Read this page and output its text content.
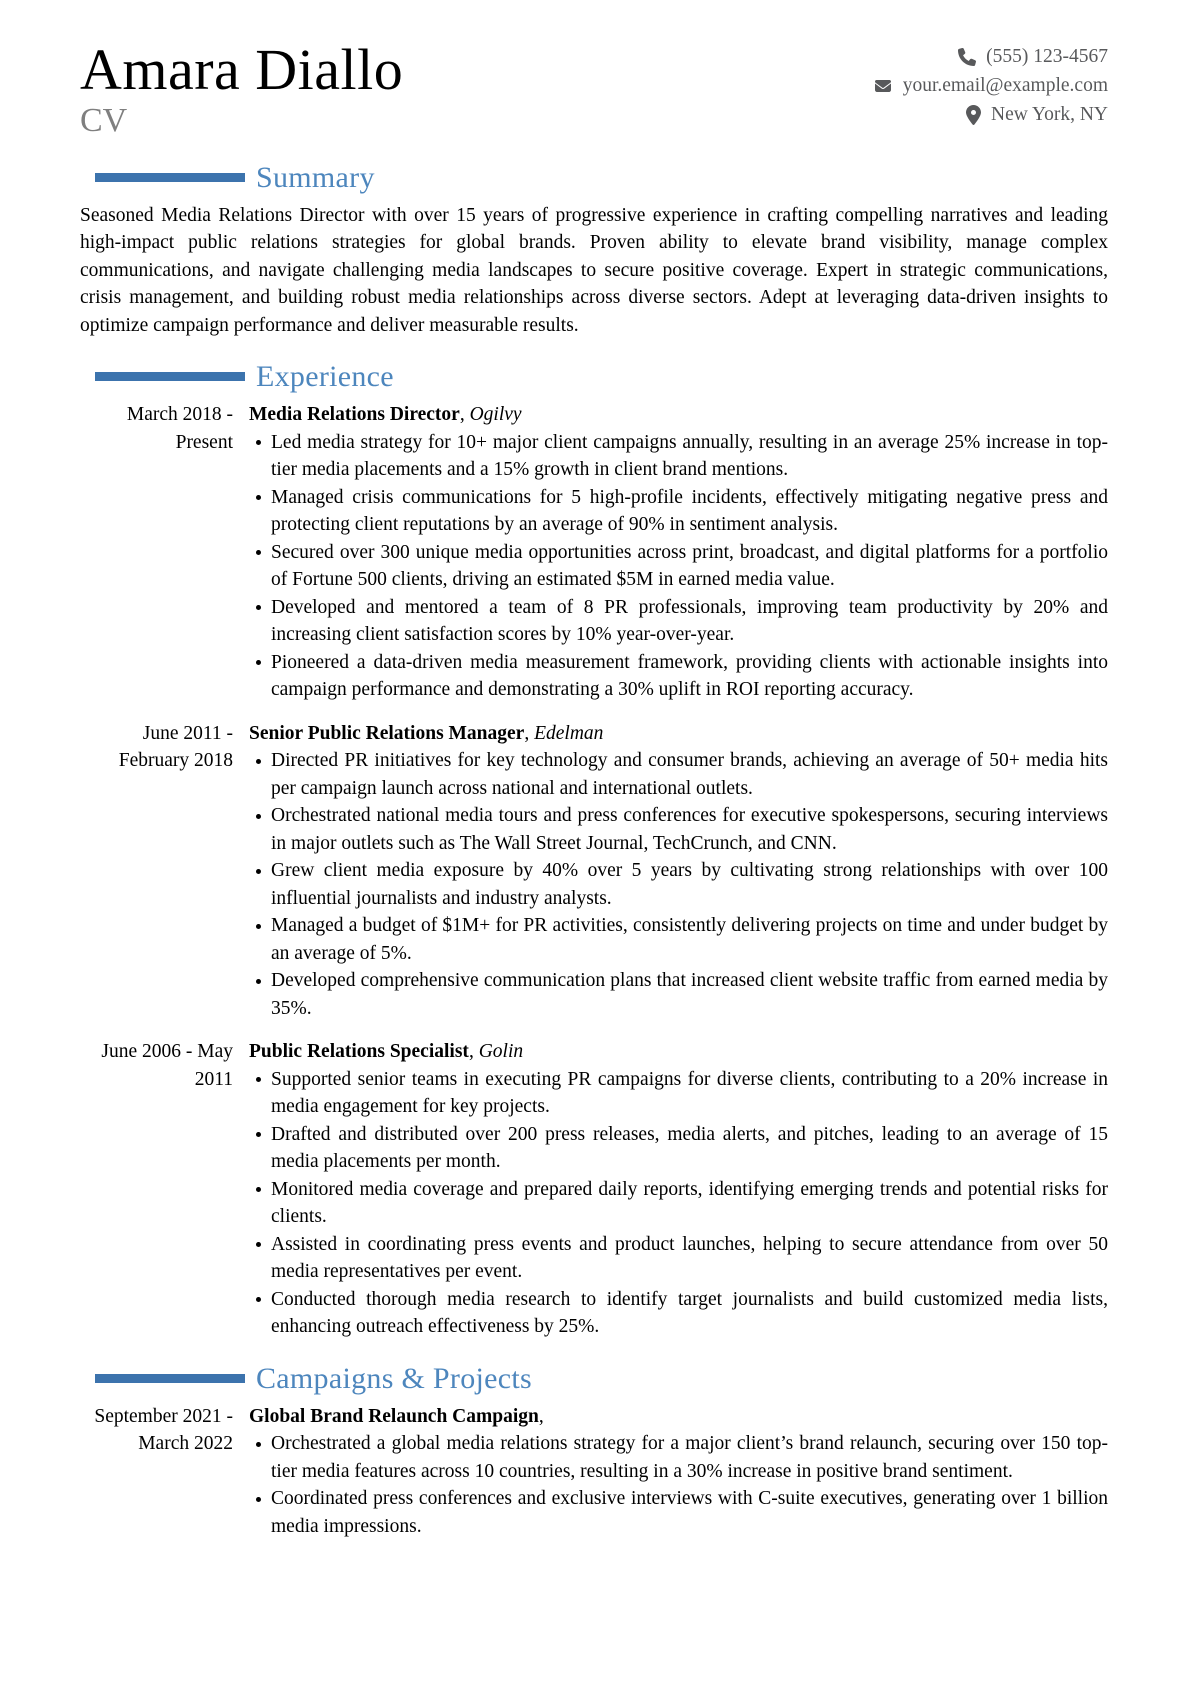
Amara Diallo
CV
(555) 123-4567
your.email@example.com
New York, NY
Summary

Seasoned Media Relations Director with over 15 years of progressive experience in crafting compelling narratives and leading high-impact public relations strategies for global brands. Proven ability to elevate brand visibility, manage complex communications, and navigate challenging media landscapes to secure positive coverage. Expert in strategic communications, crisis management, and building robust media relationships across diverse sectors. Adept at leveraging data-driven insights to optimize campaign performance and deliver measurable results.

Experience
March 2018 - Present
Media Relations Director, Ogilvy
Led media strategy for 10+ major client campaigns annually, resulting in an average 25% increase in top-tier media placements and a 15% growth in client brand mentions.
Managed crisis communications for 5 high-profile incidents, effectively mitigating negative press and protecting client reputations by an average of 90% in sentiment analysis.
Secured over 300 unique media opportunities across print, broadcast, and digital platforms for a portfolio of Fortune 500 clients, driving an estimated $5M in earned media value.
Developed and mentored a team of 8 PR professionals, improving team productivity by 20% and increasing client satisfaction scores by 10% year-over-year.
Pioneered a data-driven media measurement framework, providing clients with actionable insights into campaign performance and demonstrating a 30% uplift in ROI reporting accuracy.
June 2011 - February 2018
Senior Public Relations Manager, Edelman
Directed PR initiatives for key technology and consumer brands, achieving an average of 50+ media hits per campaign launch across national and international outlets.
Orchestrated national media tours and press conferences for executive spokespersons, securing interviews in major outlets such as The Wall Street Journal, TechCrunch, and CNN.
Grew client media exposure by 40% over 5 years by cultivating strong relationships with over 100 influential journalists and industry analysts.
Managed a budget of $1M+ for PR activities, consistently delivering projects on time and under budget by an average of 5%.
Developed comprehensive communication plans that increased client website traffic from earned media by 35%.
June 2006 - May 2011
Public Relations Specialist, Golin
Supported senior teams in executing PR campaigns for diverse clients, contributing to a 20% increase in media engagement for key projects.
Drafted and distributed over 200 press releases, media alerts, and pitches, leading to an average of 15 media placements per month.
Monitored media coverage and prepared daily reports, identifying emerging trends and potential risks for clients.
Assisted in coordinating press events and product launches, helping to secure attendance from over 50 media representatives per event.
Conducted thorough media research to identify target journalists and build customized media lists, enhancing outreach effectiveness by 25%.
Campaigns & Projects
September 2021 - March 2022
Global Brand Relaunch Campaign,
Orchestrated a global media relations strategy for a major client’s brand relaunch, securing over 150 top-tier media features across 10 countries, resulting in a 30% increase in positive brand sentiment.
Coordinated press conferences and exclusive interviews with C-suite executives, generating over 1 billion media impressions.
